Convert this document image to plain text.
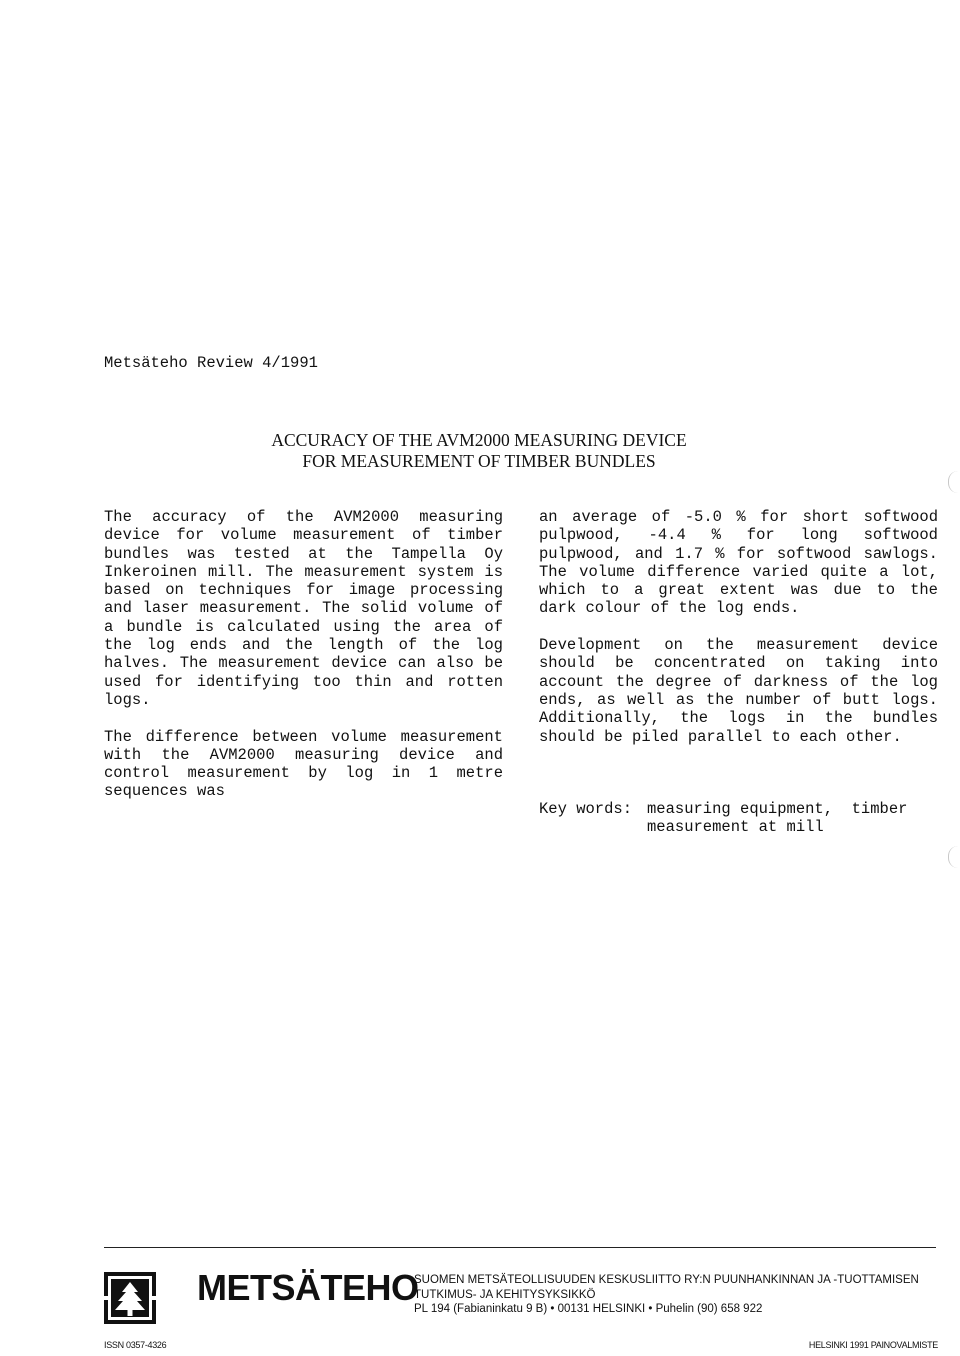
Metsäteho Review 4/1991
ACCURACY OF THE AVM2000 MEASURING DEVICE
FOR MEASUREMENT OF TIMBER BUNDLES

The accuracy of the AVM2000 measuring device for volume measurement of timber bundles was tested at the Tampella Oy Inkeroinen mill. The measurement system is based on techniques for image processing and laser measurement. The solid volume of a bundle is calculated using the area of the log ends and the length of the log halves. The measurement device can also be used for identifying too thin and rotten logs.

The difference between volume measurement with the AVM2000 measuring device and control measurement by log in 1 metre sequences was

an average of -5.0 % for short softwood pulpwood, -4.4 % for long softwood pulpwood, and 1.7 % for softwood sawlogs. The volume difference varied quite a lot, which to a great extent was due to the dark colour of the log ends.

Development on the measurement device should be concentrated on taking into account the degree of darkness of the log ends, as well as the number of butt logs. Additionally, the logs in the bundles should be piled parallel to each other.

Key words: measuring equipment,  timber
measurement at mill
METSÄTEHO
SUOMEN METSÄTEOLLISUUDEN KESKUSLIITTO RY:N PUUNHANKINNAN JA -TUOTTAMISEN
TUTKIMUS- JA KEHITYSYKSIKKÖ
PL 194 (Fabianinkatu 9 B) • 00131 HELSINKI • Puhelin (90) 658 922
ISSN 0357-4326	HELSINKI 1991 PAINOVALMISTE
